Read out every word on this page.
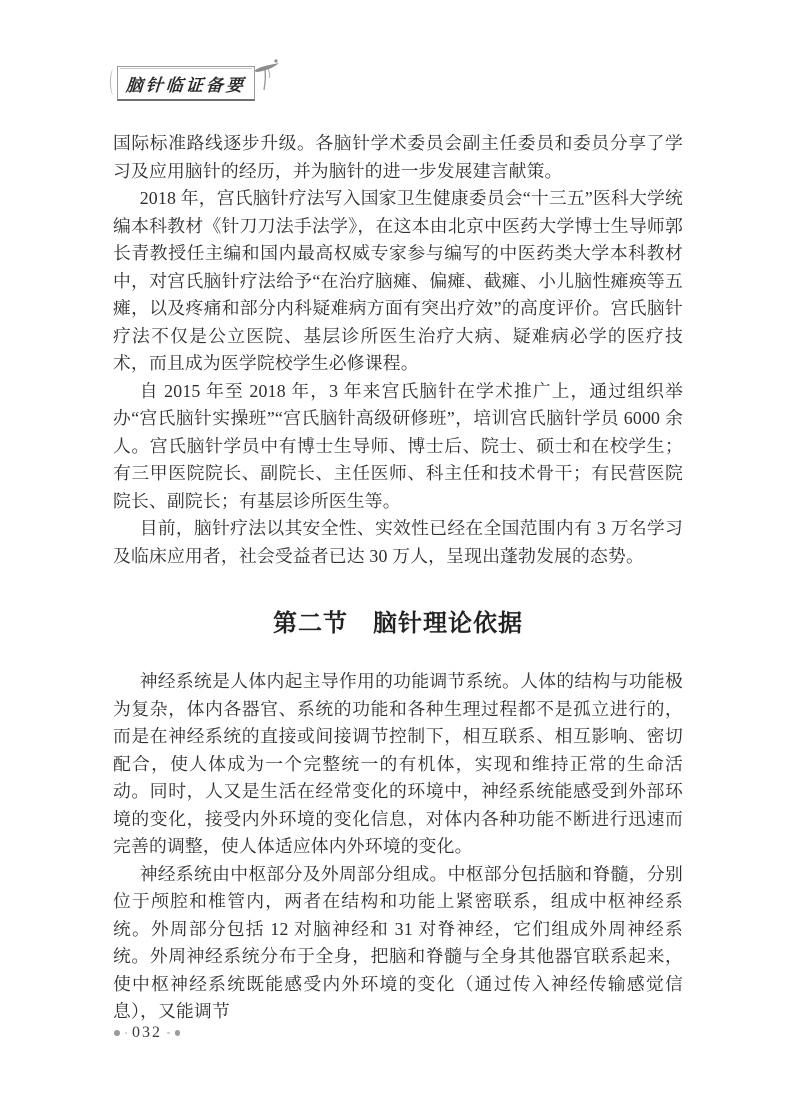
脑针临证备要

国际标准路线逐步升级。各脑针学术委员会副主任委员和委员分享了学习及应用脑针的经历，并为脑针的进一步发展建言献策。

2018 年，宫氏脑针疗法写入国家卫生健康委员会“十三五”医科大学统编本科教材《针刀刀法手法学》，在这本由北京中医药大学博士生导师郭长青教授任主编和国内最高权威专家参与编写的中医药类大学本科教材中，对宫氏脑针疗法给予“在治疗脑瘫、偏瘫、截瘫、小儿脑性瘫痪等五瘫，以及疼痛和部分内科疑难病方面有突出疗效”的高度评价。宫氏脑针疗法不仅是公立医院、基层诊所医生治疗大病、疑难病必学的医疗技术，而且成为医学院校学生必修课程。

自 2015 年至 2018 年，3 年来宫氏脑针在学术推广上，通过组织举办“宫氏脑针实操班”“宫氏脑针高级研修班”，培训宫氏脑针学员 6000 余人。宫氏脑针学员中有博士生导师、博士后、院士、硕士和在校学生；有三甲医院院长、副院长、主任医师、科主任和技术骨干；有民营医院院长、副院长；有基层诊所医生等。

目前，脑针疗法以其安全性、实效性已经在全国范围内有 3 万名学习及临床应用者，社会受益者已达 30 万人，呈现出蓬勃发展的态势。

第二节　脑针理论依据

神经系统是人体内起主导作用的功能调节系统。人体的结构与功能极为复杂，体内各器官、系统的功能和各种生理过程都不是孤立进行的，而是在神经系统的直接或间接调节控制下，相互联系、相互影响、密切配合，使人体成为一个完整统一的有机体，实现和维持正常的生命活动。同时，人又是生活在经常变化的环境中，神经系统能感受到外部环境的变化，接受内外环境的变化信息，对体内各种功能不断进行迅速而完善的调整，使人体适应体内外环境的变化。

神经系统由中枢部分及外周部分组成。中枢部分包括脑和脊髓，分别位于颅腔和椎管内，两者在结构和功能上紧密联系，组成中枢神经系统。外周部分包括 12 对脑神经和 31 对脊神经，它们组成外周神经系统。外周神经系统分布于全身，把脑和脊髓与全身其他器官联系起来，使中枢神经系统既能感受内外环境的变化（通过传入神经传输感觉信息），又能调节

032
